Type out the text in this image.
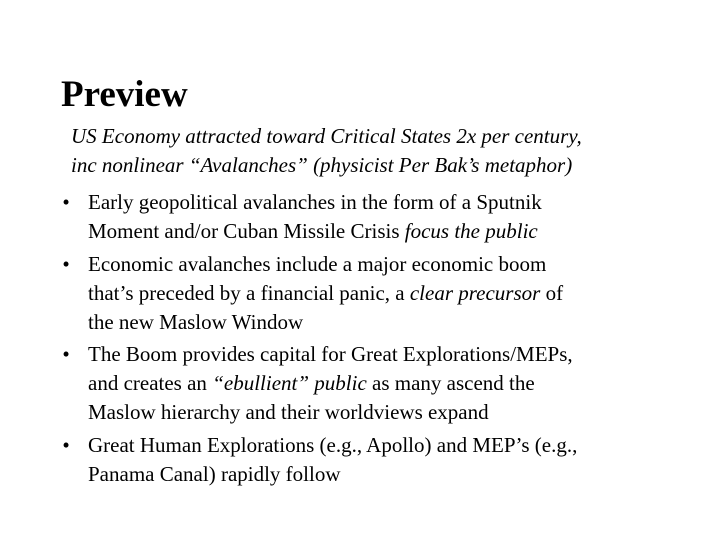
Preview
US Economy attracted toward Critical States 2x per century,
inc nonlinear “Avalanches” (physicist Per Bak’s metaphor)
• Early geopolitical avalanches in the form of a Sputnik
Moment and/or Cuban Missile Crisis focus the public
• Economic avalanches include a major economic boom
that’s preceded by a financial panic, a clear precursor of
the new Maslow Window
• The Boom provides capital for Great Explorations/MEPs,
and creates an “ebullient” public as many ascend the
Maslow hierarchy and their worldviews expand
• Great Human Explorations (e.g., Apollo) and MEP’s (e.g.,
Panama Canal) rapidly follow
